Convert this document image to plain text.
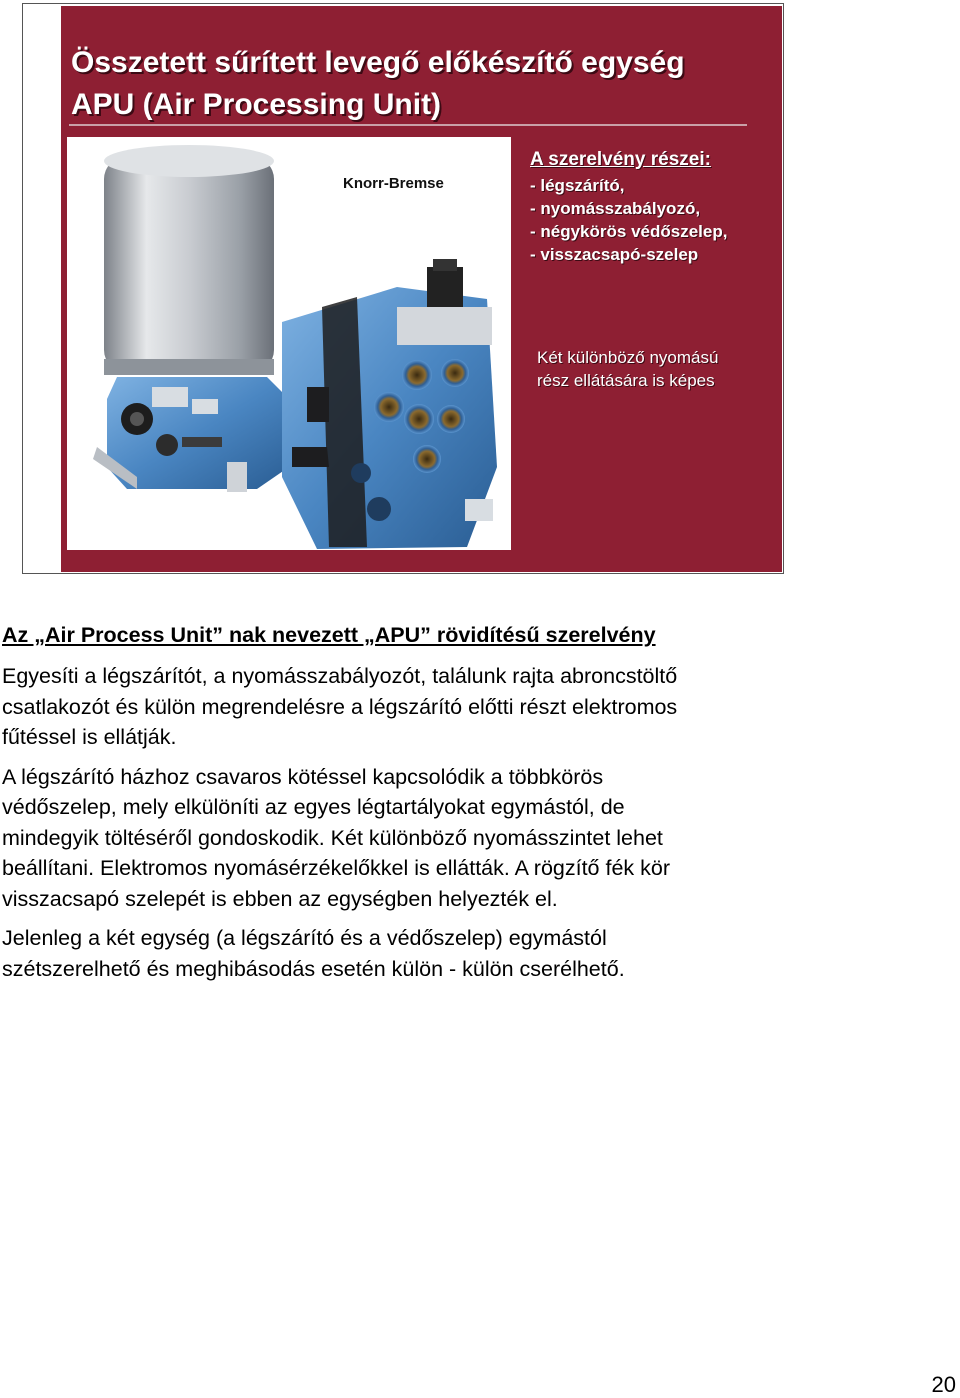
Összetett sűrített levegő előkészítő egység
APU (Air Processing Unit)
Knorr-Bremse
A szerelvény részei:
- légszárító,
- nyomásszabályozó,
- négykörös védőszelep,
- visszacsapó-szelep
Két különböző nyomású
rész ellátására is képes
Az „Air Process Unit” nak nevezett „APU” rövidítésű szerelvény

Egyesíti a légszárítót, a nyomásszabályozót, találunk rajta abroncstöltő
csatlakozót és külön megrendelésre a légszárító előtti részt elektromos
fűtéssel is ellátják.

A légszárító házhoz csavaros kötéssel kapcsolódik a többkörös
védőszelep, mely elkülöníti az egyes légtartályokat egymástól, de
mindegyik töltéséről gondoskodik. Két különböző nyomásszintet lehet
beállítani. Elektromos nyomásérzékelőkkel is ellátták. A rögzítő fék kör
visszacsapó szelepét is ebben az egységben helyezték el.

Jelenleg a két egység (a légszárító és a védőszelep) egymástól
szétszerelhető és meghibásodás esetén külön - külön cserélhető.

20
